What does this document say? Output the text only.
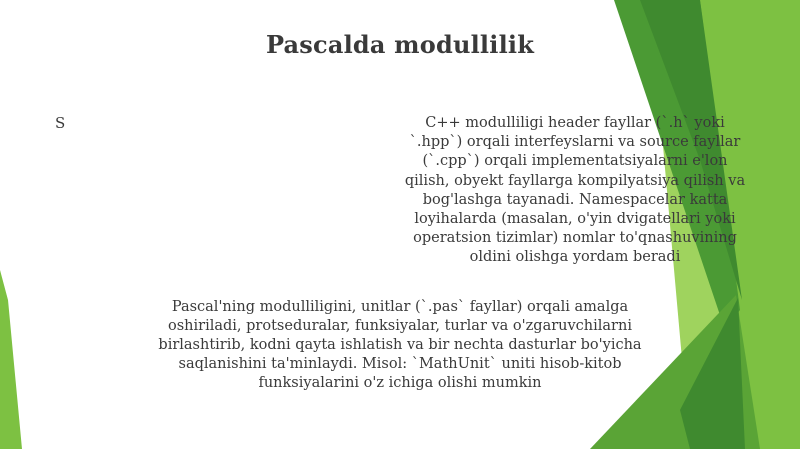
Pascalda modullilik
S	C++ modulliligi header fayllar (`.h` yoki `.hpp`) orqali interfeyslarni va source fayllar (`.cpp`) orqali implementatsiyalarni e'lon qilish, obyekt fayllarga kompilyatsiya qilish va bog'lashga tayanadi. Namespacelar katta loyihalarda (masalan, o'yin dvigatellari yoki operatsion tizimlar) nomlar to'qnashuvining oldini olishga yordam beradi
Pascal'ning modulliligini, unitlar (`.pas` fayllar) orqali amalga oshiriladi, protseduralar, funksiyalar, turlar va o'zgaruvchilarni birlashtirib, kodni qayta ishlatish va bir nechta dasturlar bo'yicha saqlanishini ta'minlaydi. Misol: `MathUnit` uniti hisob-kitob funksiyalarini o'z ichiga olishi mumkin
